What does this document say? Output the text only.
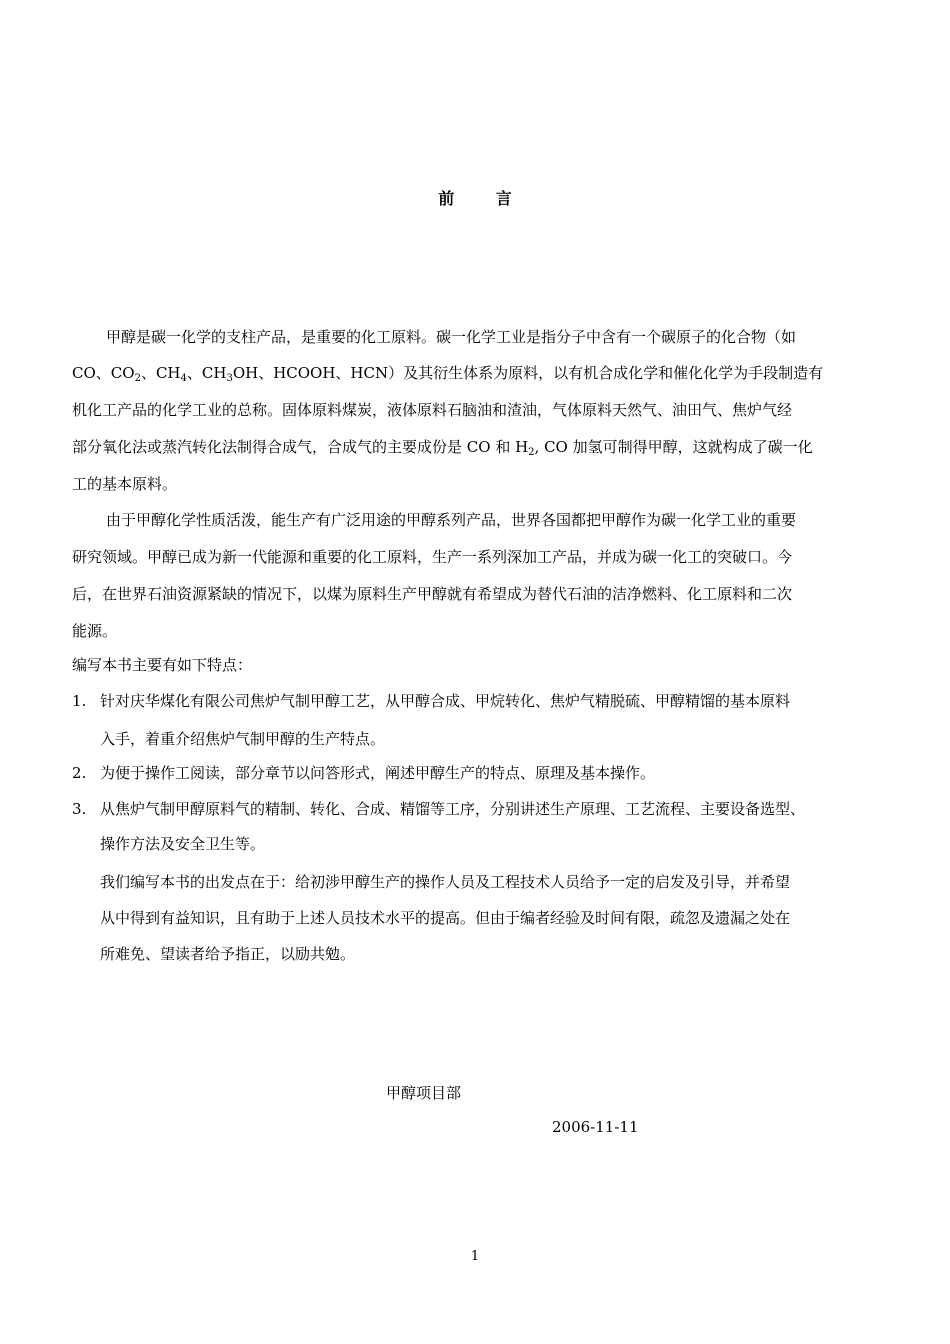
前 言
甲醇是碳一化学的支柱产品，是重要的化工原料。碳一化学工业是指分子中含有一个碳原子的化合物（如
CO、$CO_2$、$CH_4$、$CH_3OH$、HCOOH、HCN）及其衍生体系为原料，以有机合成化学和催化化学为手段制造有
机化工产品的化学工业的总称。固体原料煤炭，液体原料石脑油和渣油，气体原料天然气、油田气、焦炉气经
部分氧化法或蒸汽转化法制得合成气，合成气的主要成份是 CO 和 $H_2$, CO 加氢可制得甲醇，这就构成了碳一化
工的基本原料。
由于甲醇化学性质活泼，能生产有广泛用途的甲醇系列产品，世界各国都把甲醇作为碳一化学工业的重要
研究领域。甲醇已成为新一代能源和重要的化工原料，生产一系列深加工产品，并成为碳一化工的突破口。今
后，在世界石油资源紧缺的情况下，以煤为原料生产甲醇就有希望成为替代石油的洁净燃料、化工原料和二次
能源。
编写本书主要有如下特点：
1. 针对庆华煤化有限公司焦炉气制甲醇工艺，从甲醇合成、甲烷转化、焦炉气精脱硫、甲醇精馏的基本原料
入手，着重介绍焦炉气制甲醇的生产特点。
2. 为便于操作工阅读，部分章节以问答形式，阐述甲醇生产的特点、原理及基本操作。
3. 从焦炉气制甲醇原料气的精制、转化、合成、精馏等工序，分别讲述生产原理、工艺流程、主要设备选型、
操作方法及安全卫生等。
我们编写本书的出发点在于：给初涉甲醇生产的操作人员及工程技术人员给予一定的启发及引导，并希望
从中得到有益知识，且有助于上述人员技术水平的提高。但由于编者经验及时间有限，疏忽及遗漏之处在
所难免、望读者给予指正，以励共勉。
甲醇项目部
2006-11-11
1
